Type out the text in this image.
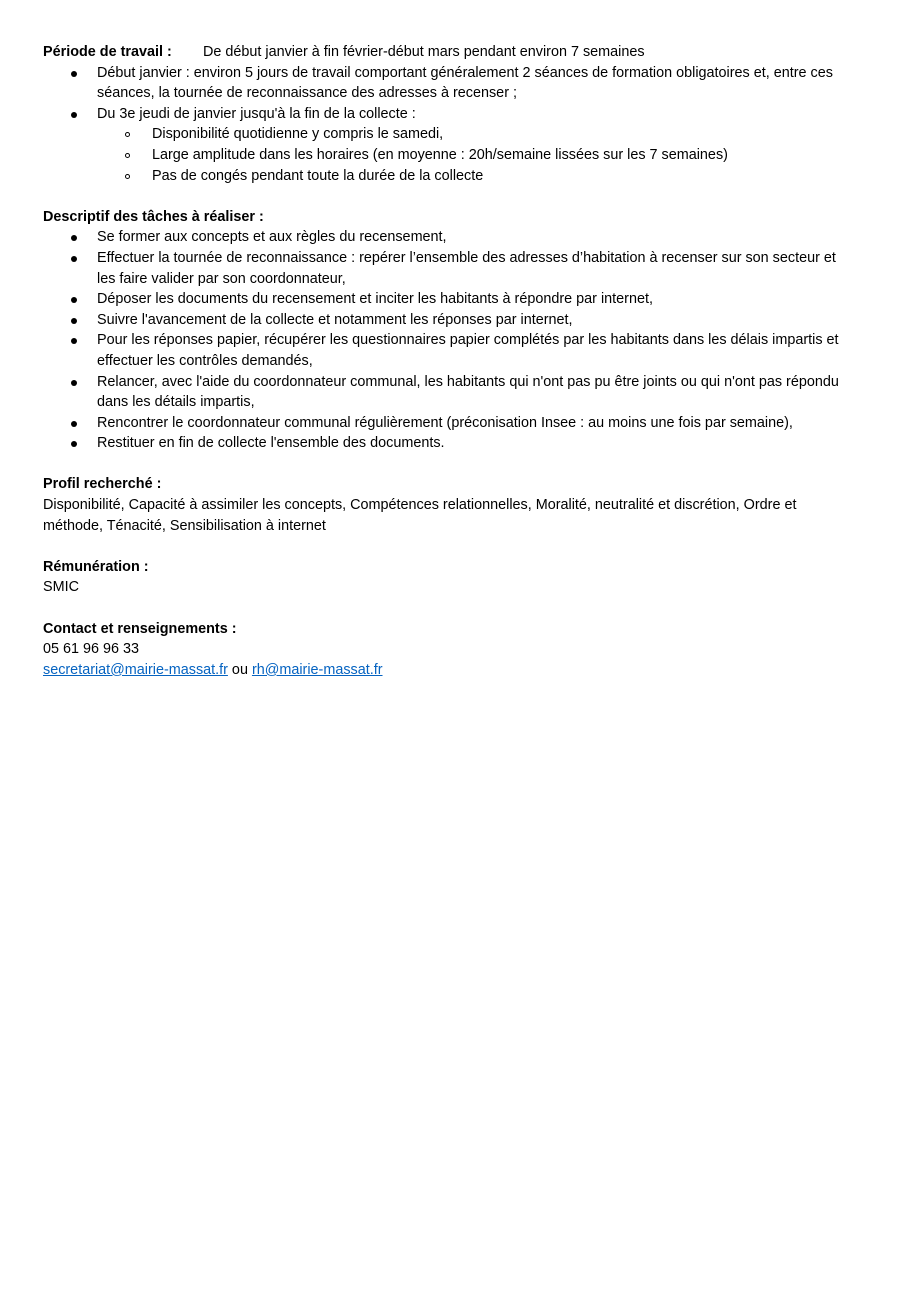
Période de travail :	De début janvier à fin février-début mars pendant environ 7 semaines
Début janvier : environ 5 jours de travail comportant généralement 2 séances de formation obligatoires et, entre ces séances, la tournée de reconnaissance des adresses à recenser ;
Du 3e jeudi de janvier jusqu'à la fin de la collecte :
Disponibilité quotidienne y compris le samedi,
Large amplitude dans les horaires (en moyenne : 20h/semaine lissées sur les 7 semaines)
Pas de congés pendant toute la durée de la collecte
Descriptif des tâches à réaliser :
Se former aux concepts et aux règles du recensement,
Effectuer la tournée de reconnaissance : repérer l’ensemble des adresses d’habitation à recenser sur son secteur et les faire valider par son coordonnateur,
Déposer les documents du recensement et inciter les habitants à répondre par internet,
Suivre l'avancement de la collecte et notamment les réponses par internet,
Pour les réponses papier, récupérer les questionnaires papier complétés par les habitants dans les délais impartis et effectuer les contrôles demandés,
Relancer, avec l'aide du coordonnateur communal, les habitants qui n'ont pas pu être joints ou qui n'ont pas répondu dans les détails impartis,
Rencontrer le coordonnateur communal régulièrement (préconisation Insee : au moins une fois par semaine),
Restituer en fin de collecte l'ensemble des documents.
Profil recherché :
Disponibilité, Capacité à assimiler les concepts, Compétences relationnelles, Moralité, neutralité et discrétion, Ordre et méthode, Ténacité, Sensibilisation à internet
Rémunération :
SMIC
Contact et renseignements :
05 61 96 96 33
secretariat@mairie-massat.fr ou rh@mairie-massat.fr
